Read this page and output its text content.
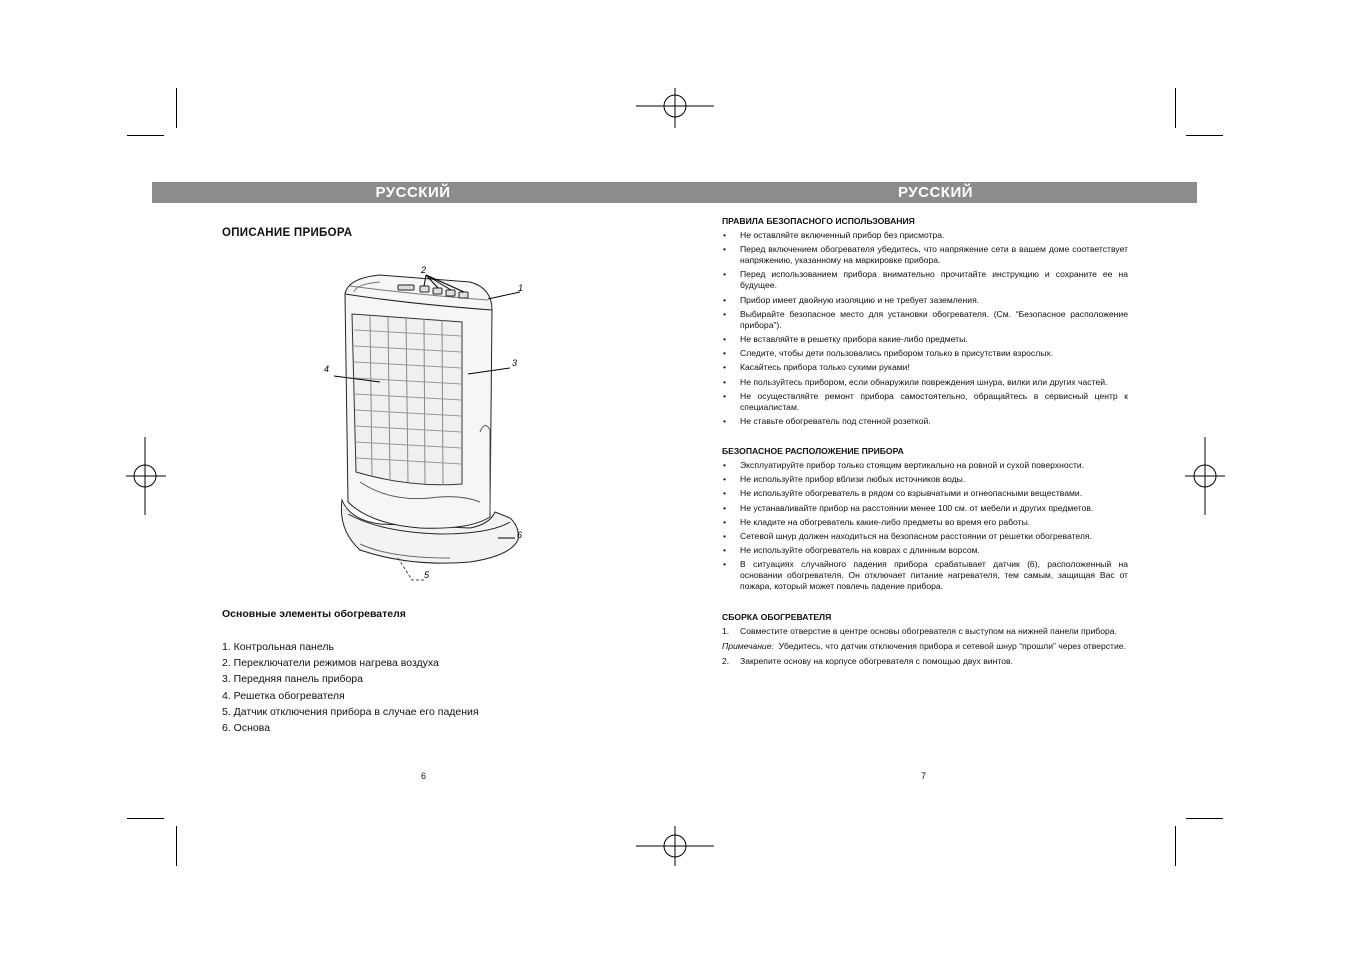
РУССКИЙ	РУССКИЙ
ОПИСАНИЕ ПРИБОРА
1
2
3
4
5
6
Основные элементы обогревателя
1. Контрольная панель
2. Переключатели режимов нагрева воздуха
3. Передняя панель прибора
4. Решетка обогревателя
5. Датчик отключения прибора в случае его падения
6. Основа
6
ПРАВИЛА БЕЗОПАСНОГО ИСПОЛЬЗОВАНИЯ
• Не оставляйте включенный прибор без присмотра.
• Перед включением обогревателя убедитесь, что напряжение сети в вашем доме соответствует напряжению, указанному на маркировке прибора.
• Перед использованием прибора внимательно прочитайте инструкцию и сохраните ее на будущее.
• Прибор имеет двойную изоляцию и не требует заземления.
• Выбирайте безопасное место для установки обогревателя. (См. “Безопасное расположение прибора”).
• Не вставляйте в решетку прибора какие-либо предметы.
• Следите, чтобы дети пользовались прибором только в присутствии взрослых.
• Касайтесь прибора только сухими руками!
• Не пользуйтесь прибором, если обнаружили повреждения шнура, вилки или других частей.
• Не осуществляйте ремонт прибора самостоятельно, обращайтесь в сервисный центр к специалистам.
• Не ставьте обогреватель под стенной розеткой.
БЕЗОПАСНОЕ РАСПОЛОЖЕНИЕ ПРИБОРА
• Эксплуатируйте прибор только стоящим вертикально на ровной и сухой поверхности.
• Не используйте прибор вблизи любых источников воды.
• Не используйте обогреватель в рядом со взрывчатыми и огнеопасными веществами.
• Не устанавливайте прибор на расстоянии менее 100 см. от мебели и других предметов.
• Не кладите на обогреватель какие-либо предметы во время его работы.
• Сетевой шнур должен находиться на безопасном расстоянии от решетки обогревателя.
• Не используйте обогреватель на коврах с длинным ворсом.
• В ситуациях случайного падения прибора срабатывает датчик (6), расположенный на основании обогревателя. Он отключает питание нагревателя, тем самым, защищая Вас от пожара, который может повлечь падение прибора.
СБОРКА ОБОГРЕВАТЕЛЯ
1. Совместите отверстие в центре основы обогревателя с выступом на нижней панели прибора.

Примечание: Убедитесь, что датчик отключения прибора и сетевой шнур “прошли” через отверстие.

2. Закрепите основу на корпусе обогревателя с помощью двух винтов.
7
